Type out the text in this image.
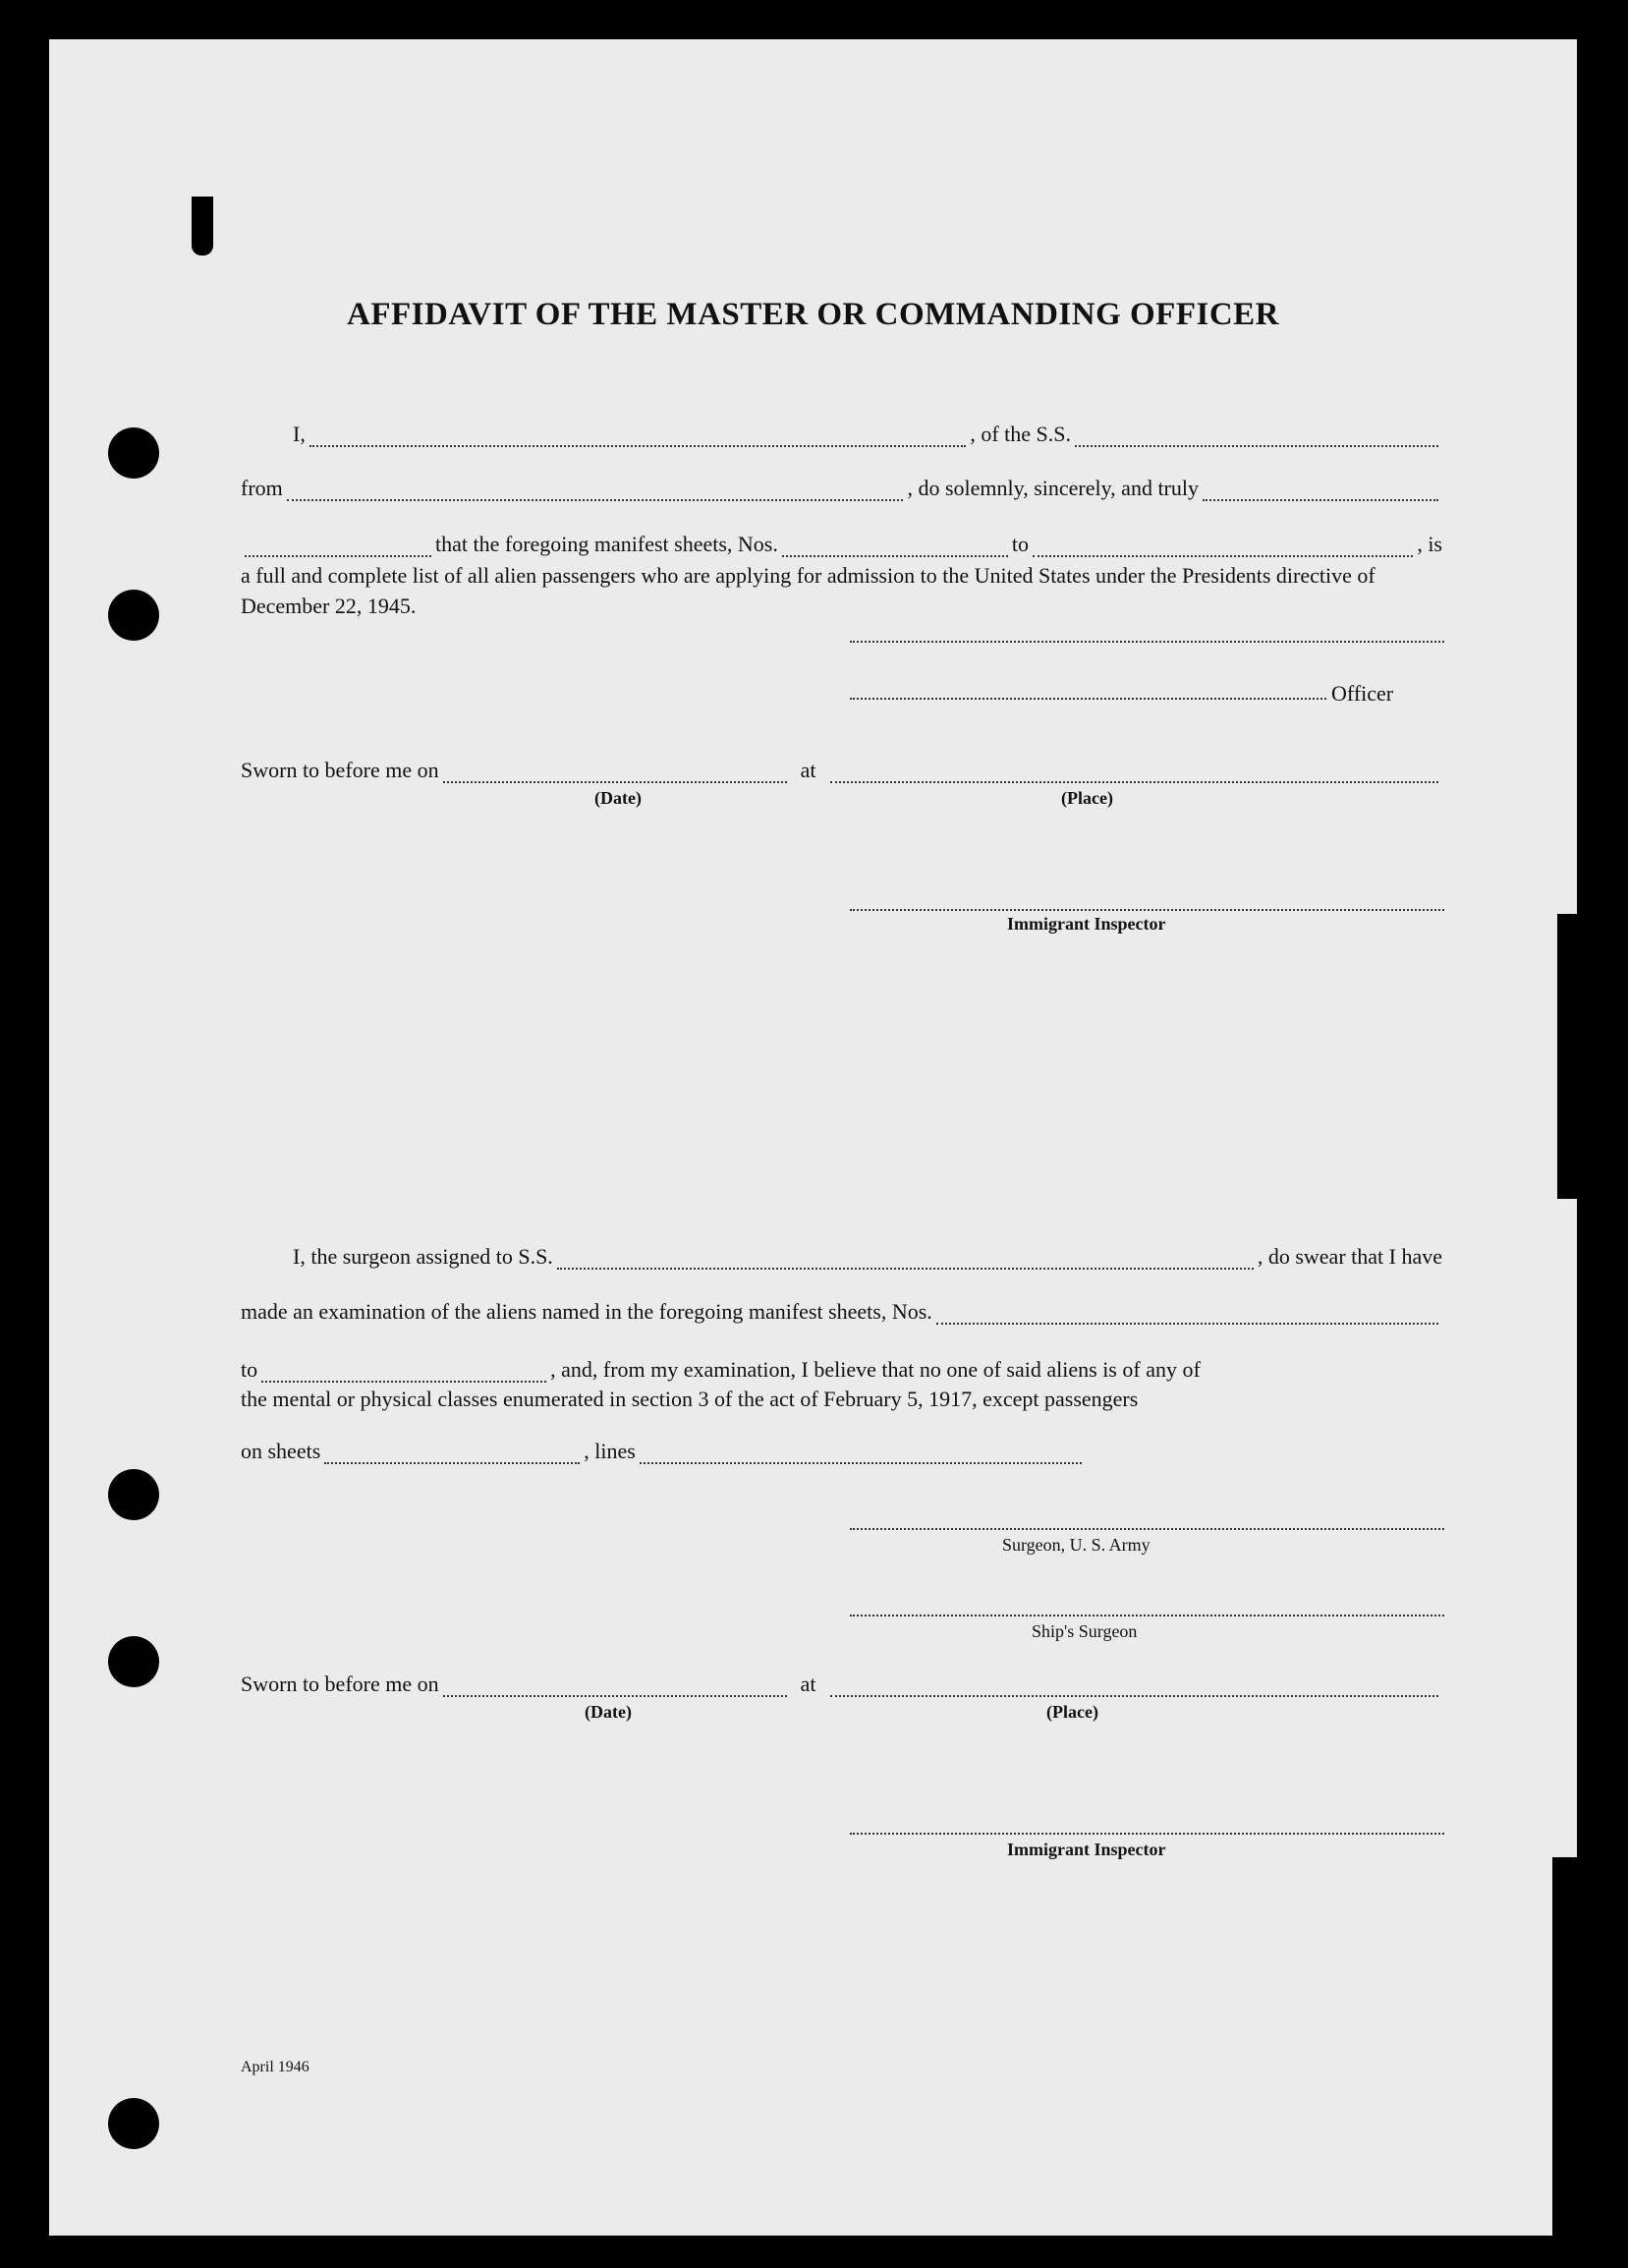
AFFIDAVIT OF THE MASTER OR COMMANDING OFFICER
I,	, of the S.S.
from	, do solemnly, sincerely, and truly
that the foregoing manifest sheets, Nos.	to	, is

a full and complete list of all alien passengers who are applying for admission to the United States under the Presidents directive of December 22, 1945.

Officer
Sworn to before me on	at
(Date)	(Place)
Immigrant Inspector
I, the surgeon assigned to S.S.	, do swear that I have
made an examination of the aliens named in the foregoing manifest sheets, Nos.
to	, and, from my examination, I believe that no one of said aliens is of any of

the mental or physical classes enumerated in section 3 of the act of February 5, 1917, except passengers

on sheets	, lines
Surgeon, U. S. Army
Ship's Surgeon
Sworn to before me on	at
(Date)	(Place)
Immigrant Inspector
April 1946
